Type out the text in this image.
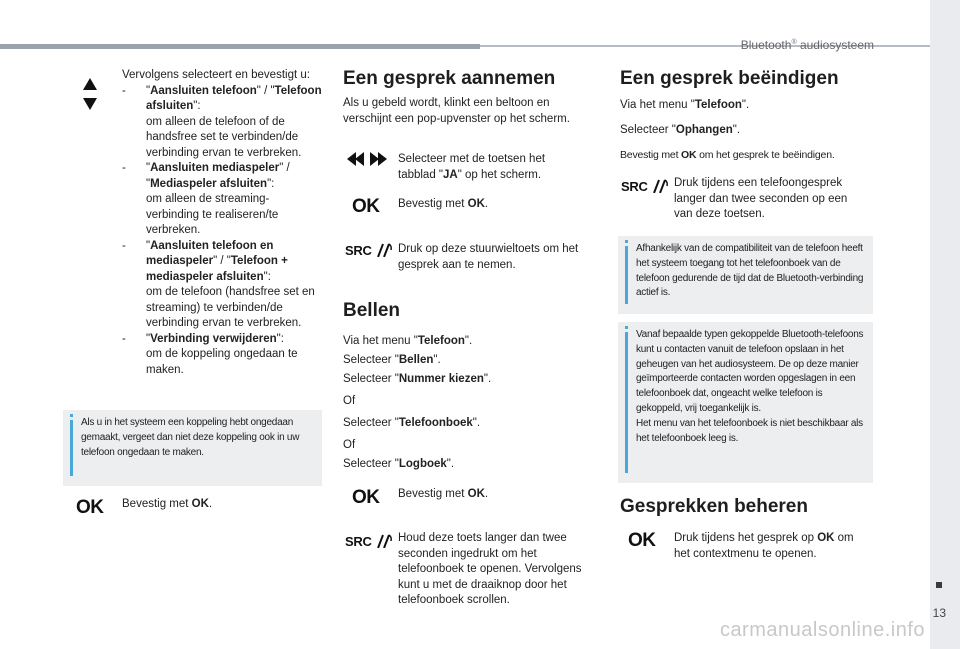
Bluetooth® audiosysteem
Vervolgens selecteert en bevestigt u:
-	"Aansluiten telefoon" / "Telefoon afsluiten":
om alleen de telefoon of de handsfree set te verbinden/de verbinding ervan te verbreken.
-	"Aansluiten mediaspeler" / "Mediaspeler afsluiten":
om alleen de streaming-verbinding te realiseren/te verbreken.
-	"Aansluiten telefoon en mediaspeler" / "Telefoon + mediaspeler afsluiten":
om de telefoon (handsfree set en streaming) te verbinden/de verbinding ervan te verbreken.
-	"Verbinding verwijderen":
om de koppeling ongedaan te maken.
Als u in het systeem een koppeling hebt ongedaan gemaakt, vergeet dan niet deze koppeling ook in uw telefoon ongedaan te maken.
OK Bevestig met OK.
Een gesprek aannemen
Als u gebeld wordt, klinkt een beltoon en verschijnt een pop-upvenster op het scherm.
Selecteer met de toetsen het tabblad "JA" op het scherm.
OK Bevestig met OK.
SRC	Druk op deze stuurwieltoets om het gesprek aan te nemen.
Bellen
Via het menu "Telefoon".
Selecteer "Bellen".
Selecteer "Nummer kiezen".
Of
Selecteer "Telefoonboek".
Of
Selecteer "Logboek".
OK Bevestig met OK.
SRC	Houd deze toets langer dan twee seconden ingedrukt om het telefoonboek te openen. Vervolgens kunt u met de draaiknop door het telefoonboek scrollen.
Een gesprek beëindigen
Via het menu "Telefoon".
Selecteer "Ophangen".
Bevestig met OK om het gesprek te beëindigen.
SRC	Druk tijdens een telefoongesprek langer dan twee seconden op een van deze toetsen.
Afhankelijk van de compatibiliteit van de telefoon heeft het systeem toegang tot het telefoonboek van de telefoon gedurende de tijd dat de Bluetooth-verbinding actief is.
Vanaf bepaalde typen gekoppelde Bluetooth-telefoons kunt u contacten vanuit de telefoon opslaan in het geheugen van het audiosysteem. De op deze manier geïmporteerde contacten worden opgeslagen in een telefoonboek dat, ongeacht welke telefoon is gekoppeld, vrij toegankelijk is.
Het menu van het telefoonboek is niet beschikbaar als het telefoonboek leeg is.
Gesprekken beheren
OK Druk tijdens het gesprek op OK om het contextmenu te openen.
13
carmanualsonline.info
